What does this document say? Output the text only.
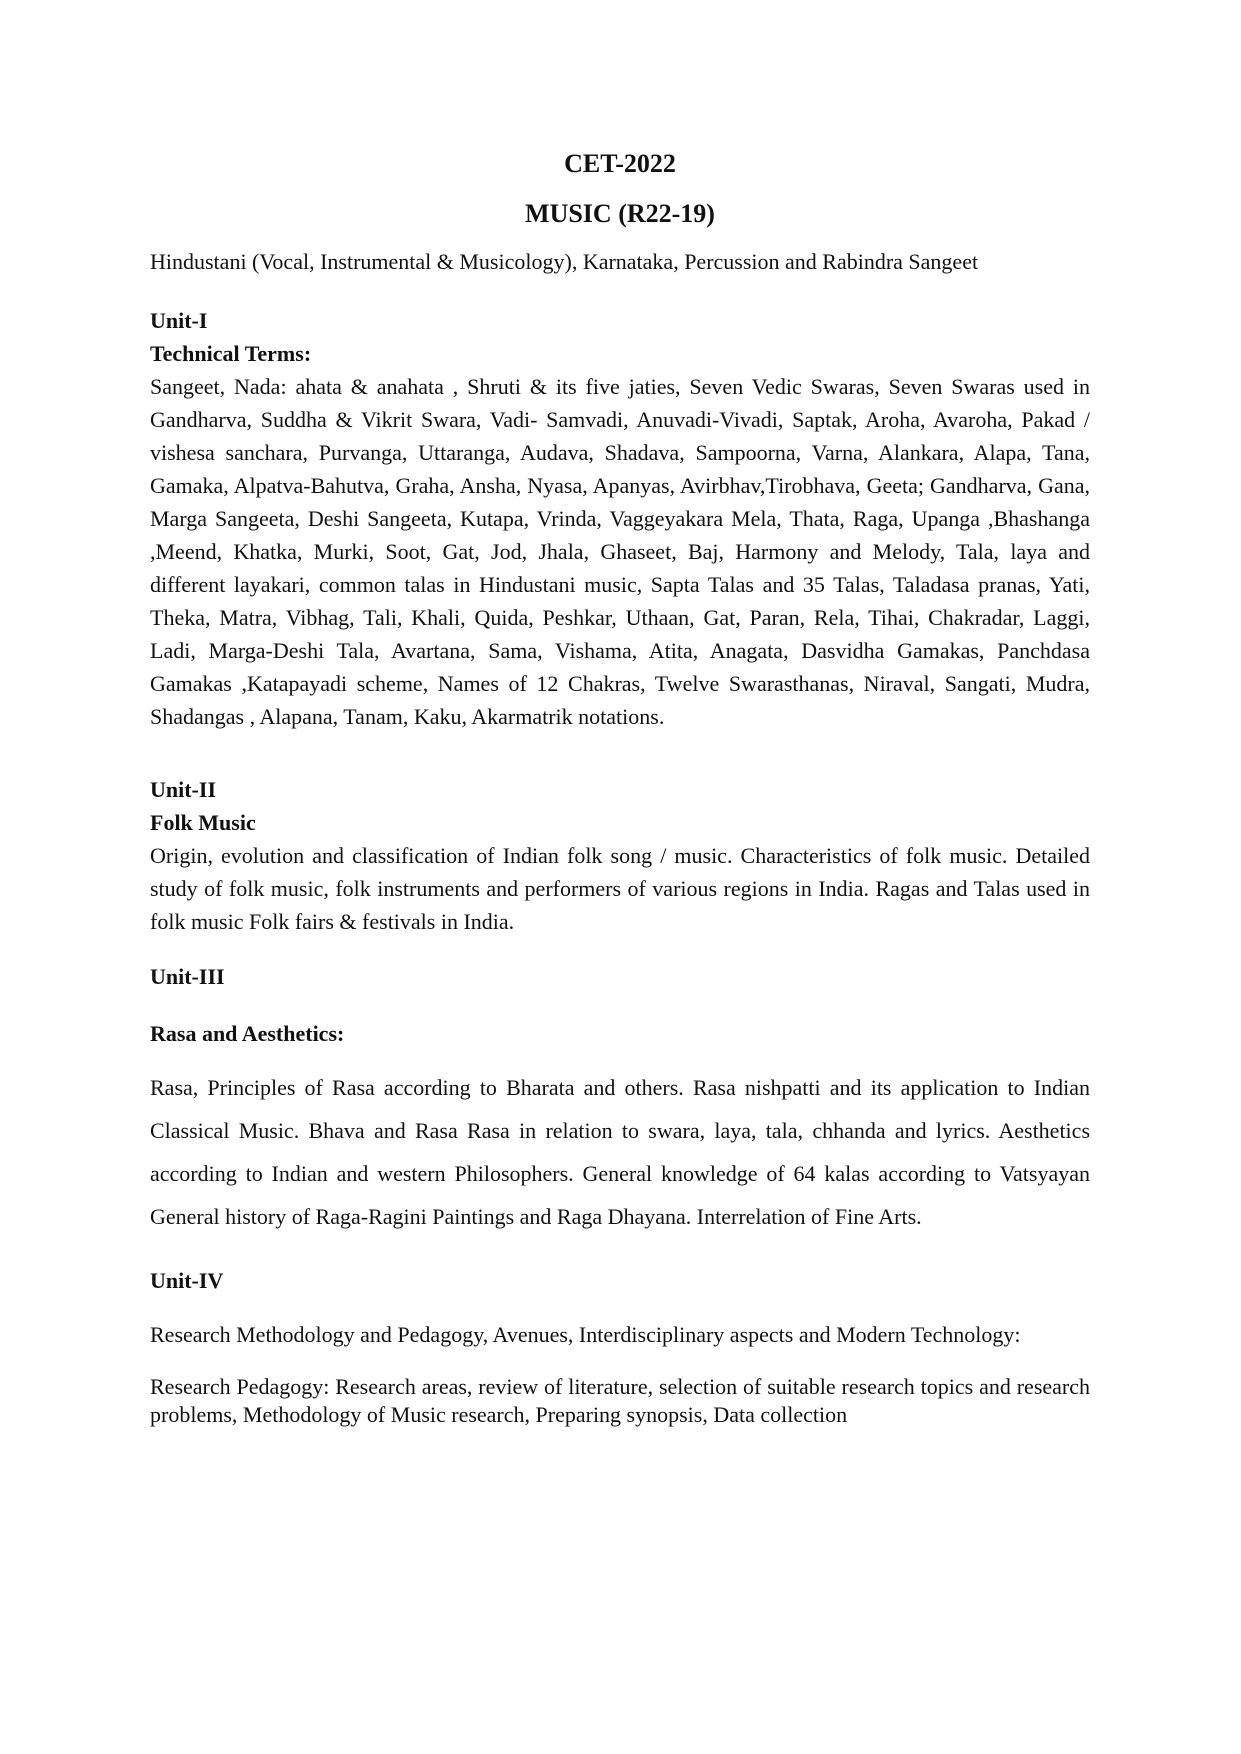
CET-2022
MUSIC (R22-19)

Hindustani (Vocal, Instrumental & Musicology), Karnataka, Percussion and Rabindra Sangeet

Unit-I

Technical Terms:

Sangeet, Nada: ahata & anahata , Shruti & its five jaties, Seven Vedic Swaras, Seven Swaras used in Gandharva, Suddha & Vikrit Swara, Vadi- Samvadi, Anuvadi-Vivadi, Saptak, Aroha, Avaroha, Pakad / vishesa sanchara, Purvanga, Uttaranga, Audava, Shadava, Sampoorna, Varna, Alankara, Alapa, Tana, Gamaka, Alpatva-Bahutva, Graha, Ansha, Nyasa, Apanyas, Avirbhav,Tirobhava, Geeta; Gandharva, Gana, Marga Sangeeta, Deshi Sangeeta, Kutapa, Vrinda, Vaggeyakara Mela, Thata, Raga, Upanga ,Bhashanga ,Meend, Khatka, Murki, Soot, Gat, Jod, Jhala, Ghaseet, Baj, Harmony and Melody, Tala, laya and different layakari, common talas in Hindustani music, Sapta Talas and 35 Talas, Taladasa pranas, Yati, Theka, Matra, Vibhag, Tali, Khali, Quida, Peshkar, Uthaan, Gat, Paran, Rela, Tihai, Chakradar, Laggi, Ladi, Marga-Deshi Tala, Avartana, Sama, Vishama, Atita, Anagata, Dasvidha Gamakas, Panchdasa Gamakas ,Katapayadi scheme, Names of 12 Chakras, Twelve Swarasthanas, Niraval, Sangati, Mudra, Shadangas , Alapana, Tanam, Kaku, Akarmatrik notations.

Unit-II

Folk Music

Origin, evolution and classification of Indian folk song / music. Characteristics of folk music. Detailed study of folk music, folk instruments and performers of various regions in India. Ragas and Talas used in folk music Folk fairs & festivals in India.

Unit-III

Rasa and Aesthetics:

Rasa, Principles of Rasa according to Bharata and others. Rasa nishpatti and its application to Indian Classical Music. Bhava and Rasa Rasa in relation to swara, laya, tala, chhanda and lyrics. Aesthetics according to Indian and western Philosophers. General knowledge of 64 kalas according to Vatsyayan General history of Raga-Ragini Paintings and Raga Dhayana. Interrelation of Fine Arts.

Unit-IV

Research Methodology and Pedagogy, Avenues, Interdisciplinary aspects and Modern Technology:

Research Pedagogy: Research areas, review of literature, selection of suitable research topics and research problems, Methodology of Music research, Preparing synopsis, Data collection
